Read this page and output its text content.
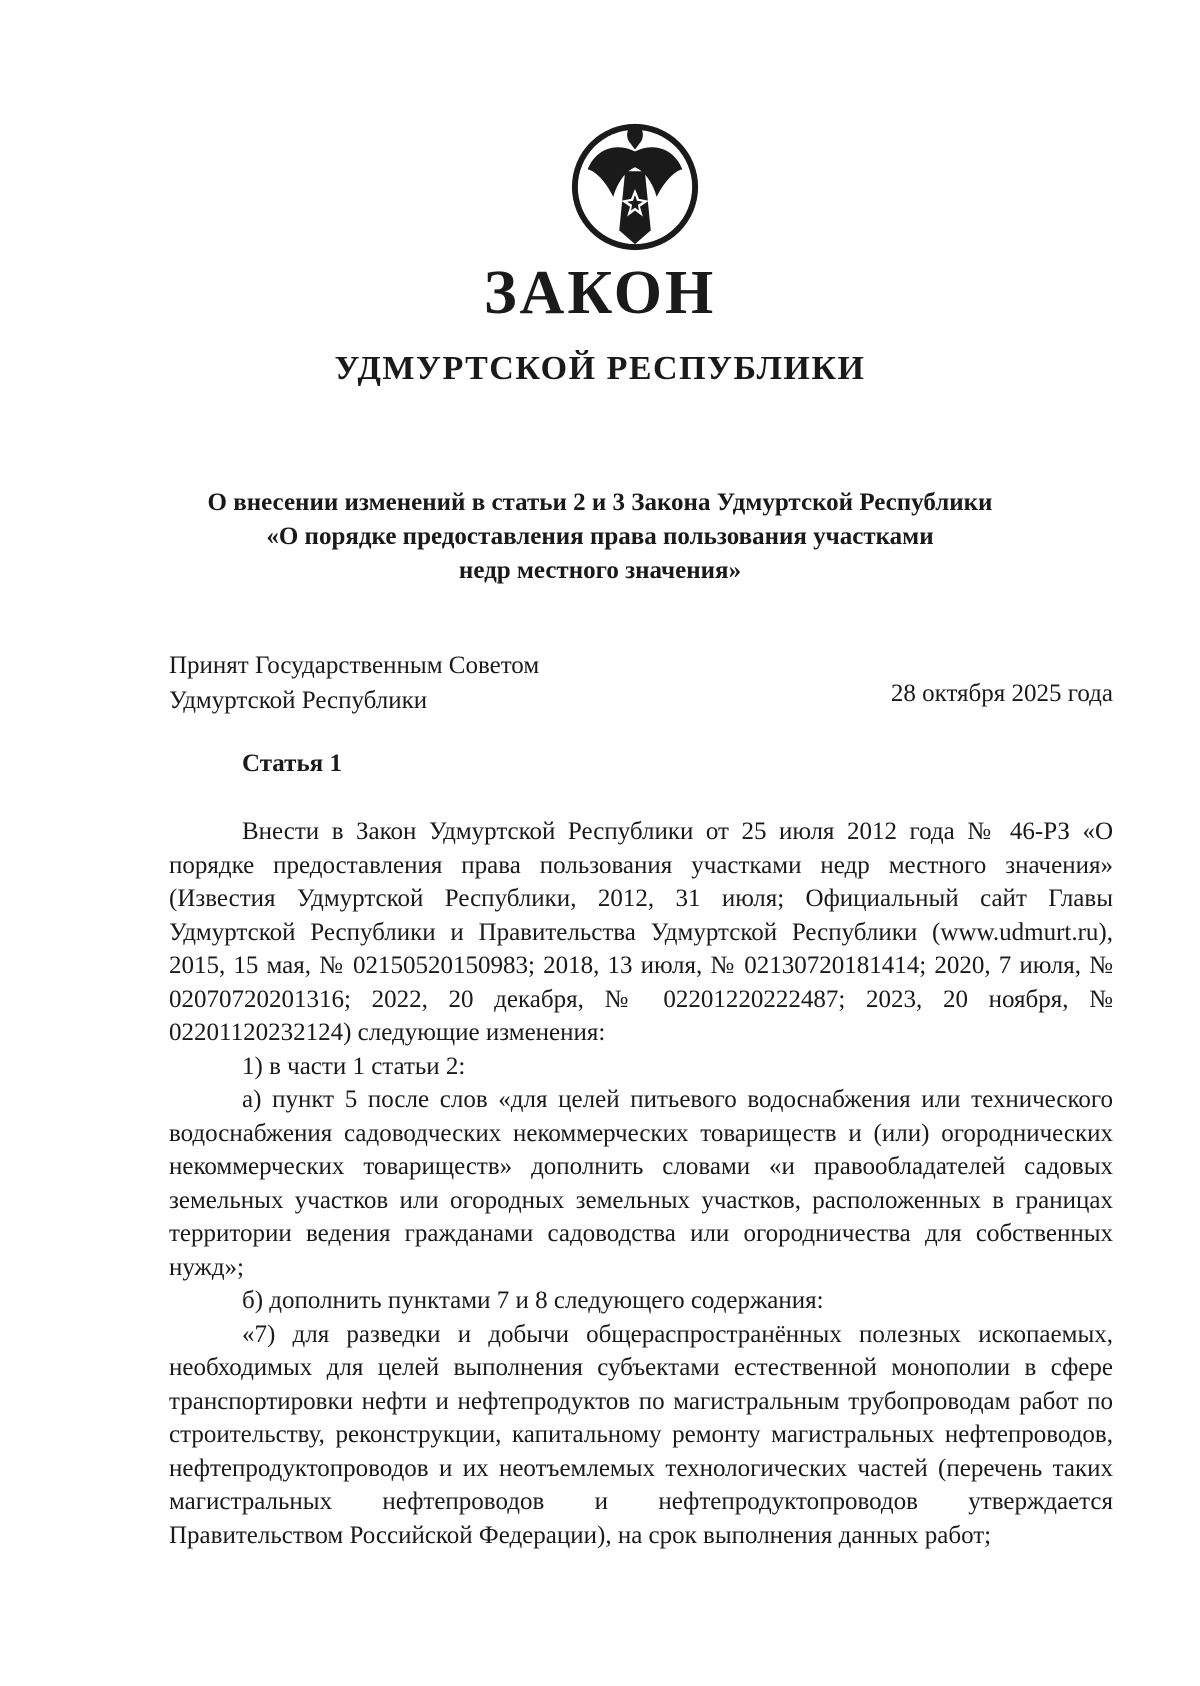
ЗАКОН
УДМУРТСКОЙ РЕСПУБЛИКИ
О внесении изменений в статьи 2 и 3 Закона Удмуртской Республики
«О порядке предоставления права пользования участками
недр местного значения»
Принят Государственным Советом
Удмуртской Республики	28 октября 2025 года
Статья 1

Внести в Закон Удмуртской Республики от 25 июля 2012 года № 46-РЗ «О порядке предоставления права пользования участками недр местного значения» (Известия Удмуртской Республики, 2012, 31 июля; Официальный сайт Главы Удмуртской Республики и Правительства Удмуртской Республики (www.udmurt.ru), 2015, 15 мая, № 02150520150983; 2018, 13 июля, № 02130720181414; 2020, 7 июля, № 02070720201316; 2022, 20 декабря, № 02201220222487; 2023, 20 ноября, № 02201120232124) следующие изменения:

1) в части 1 статьи 2:

а) пункт 5 после слов «для целей питьевого водоснабжения или технического водоснабжения садоводческих некоммерческих товариществ и (или) огороднических некоммерческих товариществ» дополнить словами «и правообладателей садовых земельных участков или огородных земельных участков, расположенных в границах территории ведения гражданами садоводства или огородничества для собственных нужд»;

б) дополнить пунктами 7 и 8 следующего содержания:

«7) для разведки и добычи общераспространённых полезных ископаемых, необходимых для целей выполнения субъектами естественной монополии в сфере транспортировки нефти и нефтепродуктов по магистральным трубопроводам работ по строительству, реконструкции, капитальному ремонту магистральных нефтепроводов, нефтепродуктопроводов и их неотъемлемых технологических частей (перечень таких магистральных нефтепроводов и нефтепродуктопроводов утверждается Правительством Российской Федерации), на срок выполнения данных работ;
